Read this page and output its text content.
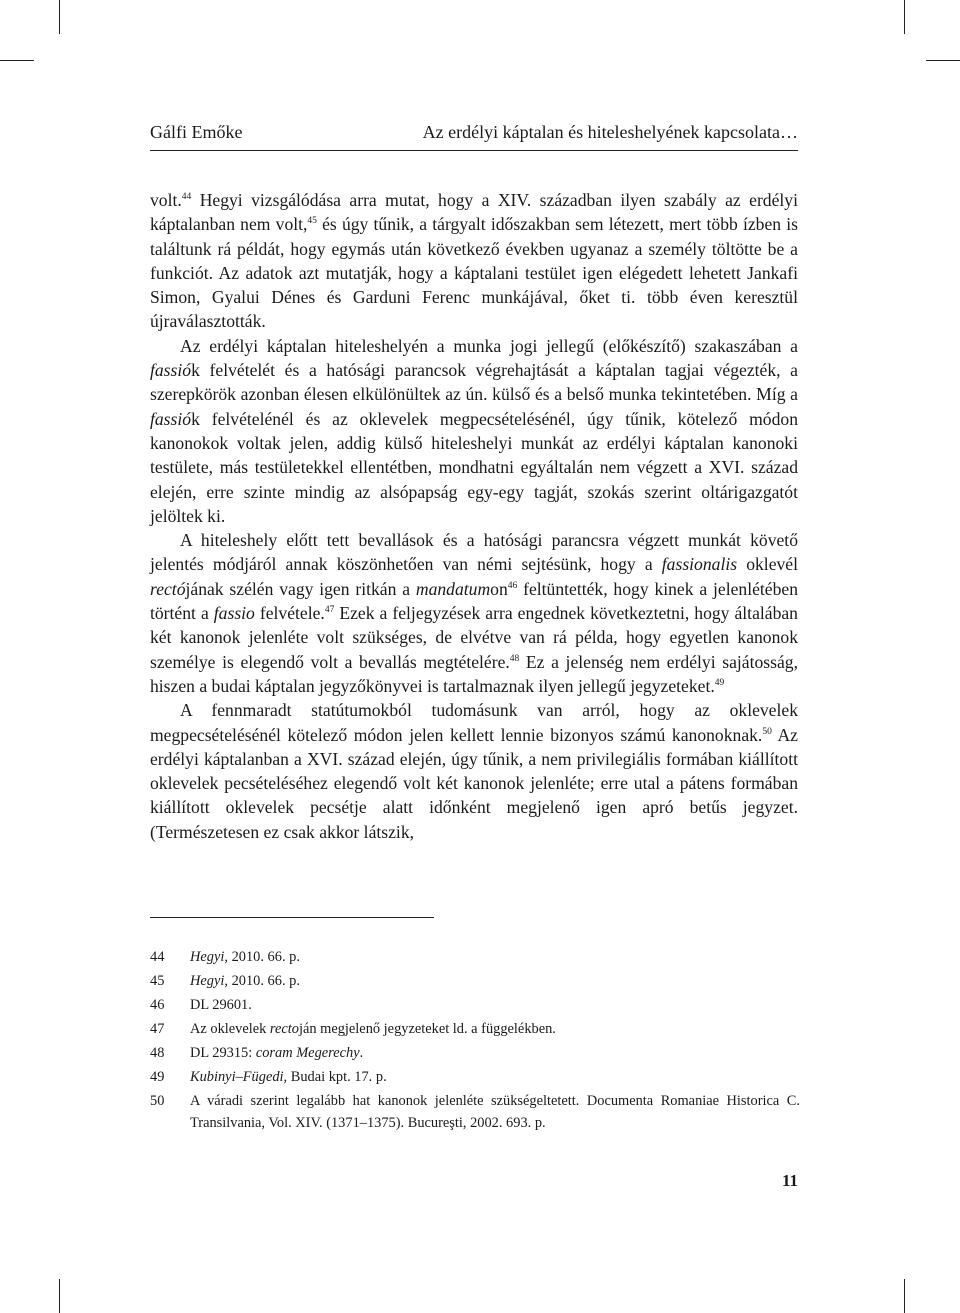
Gálfi Emőke	Az erdélyi káptalan és hiteleshelyének kapcsolata…

volt.$^{44}$ Hegyi vizsgálódása arra mutat, hogy a XIV. században ilyen szabály az erdélyi káptalanban nem volt,$^{45}$ és úgy tűnik, a tárgyalt időszakban sem létezett, mert több ízben is találtunk rá példát, hogy egymás után következő években ugyanaz a személy töltötte be a funkciót. Az adatok azt mutatják, hogy a káptalani testület igen elégedett lehetett Jankafi Simon, Gyalui Dénes és Garduni Ferenc munkájával, őket ti. több éven keresztül újraválasztották.

Az erdélyi káptalan hiteleshelyén a munka jogi jellegű (előkészítő) szakaszában a fassiók felvételét és a hatósági parancsok végrehajtását a káptalan tagjai végezték, a szerepkörök azonban élesen elkülönültek az ún. külső és a belső munka tekintetében. Míg a fassiók felvételénél és az oklevelek megpecsételésénél, úgy tűnik, kötelező módon kanonokok voltak jelen, addig külső hiteleshelyi munkát az erdélyi káptalan kanonoki testülete, más testületekkel ellentétben, mondhatni egyáltalán nem végzett a XVI. század elején, erre szinte mindig az alsópapság egy-egy tagját, szokás szerint oltárigazgatót jelöltek ki.

A hiteleshely előtt tett bevallások és a hatósági parancsra végzett munkát követő jelentés módjáról annak köszönhetően van némi sejtésünk, hogy a fassionalis oklevél rectójának szélén vagy igen ritkán a mandatumon$^{46}$ feltüntették, hogy kinek a jelenlétében történt a fassio felvétele.$^{47}$ Ezek a feljegyzések arra engednek következtetni, hogy általában két kanonok jelenléte volt szükséges, de elvétve van rá példa, hogy egyetlen kanonok személye is elegendő volt a bevallás megtételére.$^{48}$ Ez a jelenség nem erdélyi sajátosság, hiszen a budai káptalan jegyzőkönyvei is tartalmaznak ilyen jellegű jegyzeteket.$^{49}$

A fennmaradt statútumokból tudomásunk van arról, hogy az oklevelek megpecsételésénél kötelező módon jelen kellett lennie bizonyos számú kanonoknak.$^{50}$ Az erdélyi káptalanban a XVI. század elején, úgy tűnik, a nem privilegiális formában kiállított oklevelek pecsételéséhez elegendő volt két kanonok jelenléte; erre utal a pátens formában kiállított oklevelek pecsétje alatt időnként megjelenő igen apró betűs jegyzet. (Természetesen ez csak akkor látszik,

44	Hegyi, 2010. 66. p.
45	Hegyi, 2010. 66. p.
46	DL 29601.
47	Az oklevelek rectoján megjelenő jegyzeteket ld. a függelékben.
48	DL 29315: coram Megerechy.
49	Kubinyi–Fügedi, Budai kpt. 17. p.
50	A váradi szerint legalább hat kanonok jelenléte szükségeltetett. Documenta Romaniae Historica C. Transilvania, Vol. XIV. (1371–1375). Bucureşti, 2002. 693. p.
11
